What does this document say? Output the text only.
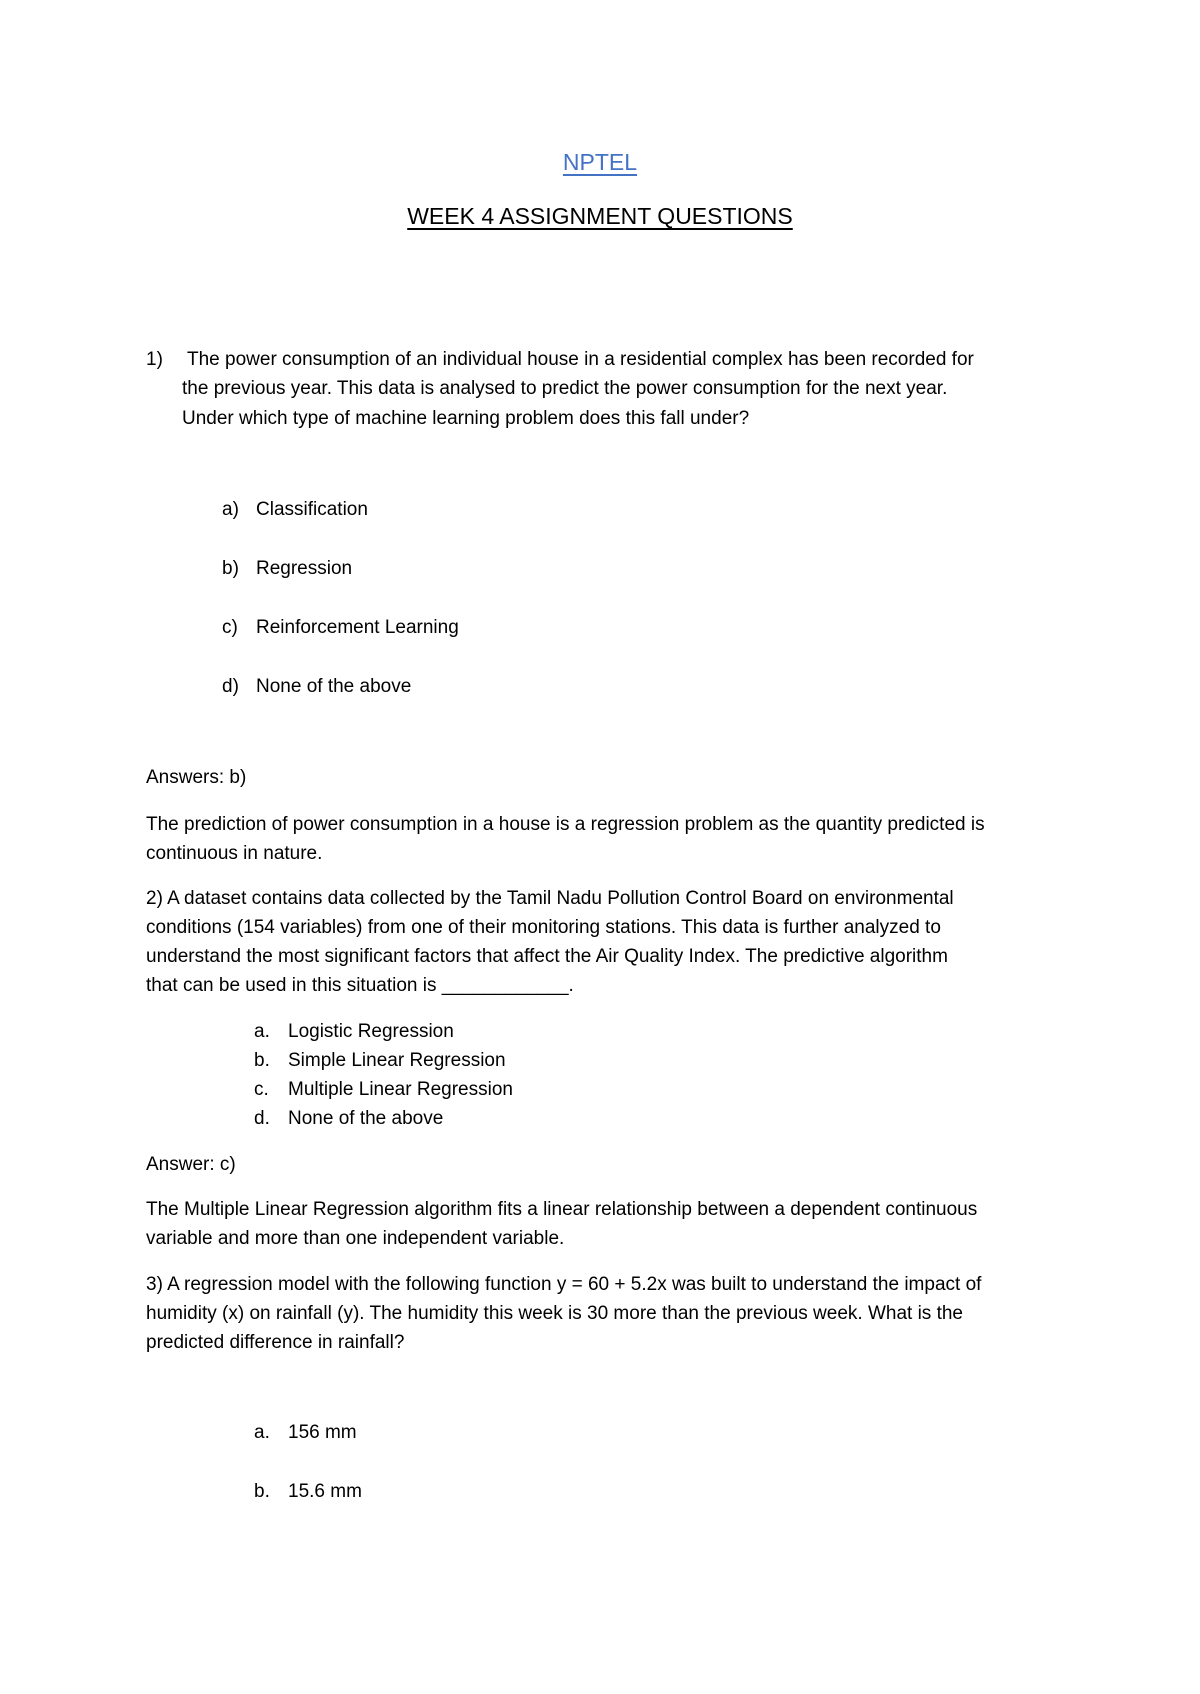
NPTEL
WEEK 4 ASSIGNMENT QUESTIONS
1) The power consumption of an individual house in a residential complex has been recorded for
the previous year. This data is analysed to predict the power consumption for the next year.
Under which type of machine learning problem does this fall under?
a) Classification
b) Regression
c) Reinforcement Learning
d) None of the above
Answers: b)
The prediction of power consumption in a house is a regression problem as the quantity predicted is
continuous in nature.
2) A dataset contains data collected by the Tamil Nadu Pollution Control Board on environmental
conditions (154 variables) from one of their monitoring stations. This data is further analyzed to
understand the most significant factors that affect the Air Quality Index. The predictive algorithm
that can be used in this situation is ____________.
a. Logistic Regression
b. Simple Linear Regression
c. Multiple Linear Regression
d. None of the above
Answer: c)
The Multiple Linear Regression algorithm fits a linear relationship between a dependent continuous
variable and more than one independent variable.
3) A regression model with the following function y = 60 + 5.2x was built to understand the impact of
humidity (x) on rainfall (y). The humidity this week is 30 more than the previous week. What is the
predicted difference in rainfall?
a. 156 mm
b. 15.6 mm
